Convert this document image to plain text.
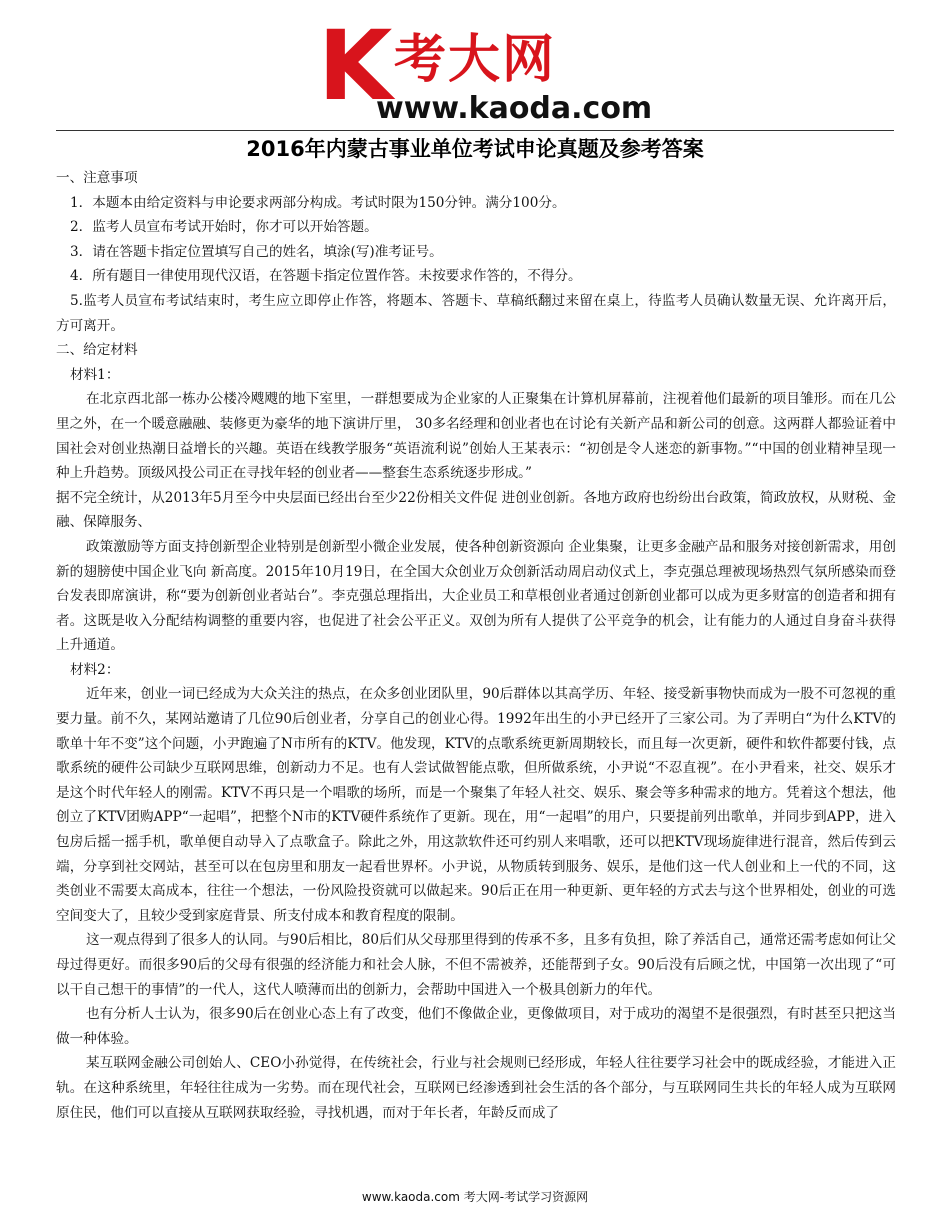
K 考大网
www.kaoda.com
2016年内蒙古事业单位考试申论真题及参考答案

一、注意事项

1．本题本由给定资料与申论要求两部分构成。考试时限为150分钟。满分100分。

2．监考人员宣布考试开始时，你才可以开始答题。

3．请在答题卡指定位置填写自己的姓名，填涂(写)准考证号。

4．所有题目一律使用现代汉语，在答题卡指定位置作答。未按要求作答的，不得分。

5.监考人员宣布考试结束时，考生应立即停止作答，将题本、答题卡、草稿纸翻过来留在桌上，待监考人员确认数量无误、允许离开后，方可离开。

二、给定材料

材料1：

在北京西北部一栋办公楼冷飕飕的地下室里，一群想要成为企业家的人正聚集在计算机屏幕前，注视着他们最新的项目雏形。而在几公里之外，在一个暖意融融、装修更为豪华的地下演讲厅里， 30多名经理和创业者也在讨论有关新产品和新公司的创意。这两群人都验证着中国社会对创业热潮日益增长的兴趣。英语在线教学服务“英语流利说”创始人王某表示：“初创是令人迷恋的新事物。”“中国的创业精神呈现一种上升趋势。顶级风投公司正在寻找年轻的创业者——整套生态系统逐步形成。”

据不完全统计，从2013年5月至今中央层面已经出台至少22份相关文件促 进创业创新。各地方政府也纷纷出台政策，简政放权，从财税、金融、保障服务、

政策激励等方面支持创新型企业特别是创新型小微企业发展，使各种创新资源向 企业集聚，让更多金融产品和服务对接创新需求，用创新的翅膀使中国企业飞向 新高度。2015年10月19日，在全国大众创业万众创新活动周启动仪式上，李克强总理被现场热烈气氛所感染而登台发表即席演讲，称“要为创新创业者站台”。李克强总理指出，大企业员工和草根创业者通过创新创业都可以成为更多财富的创造者和拥有者。这既是收入分配结构调整的重要内容，也促进了社会公平正义。双创为所有人提供了公平竞争的机会，让有能力的人通过自身奋斗获得上升通道。

材料2：

近年来，创业一词已经成为大众关注的热点，在众多创业团队里，90后群体以其高学历、年轻、接受新事物快而成为一股不可忽视的重要力量。前不久，某网站邀请了几位90后创业者，分享自己的创业心得。1992年出生的小尹已经开了三家公司。为了弄明白“为什么KTV的歌单十年不变”这个问题，小尹跑遍了N市所有的KTV。他发现，KTV的点歌系统更新周期较长，而且每一次更新，硬件和软件都要付钱，点歌系统的硬件公司缺少互联网思维，创新动力不足。也有人尝试做智能点歌，但所做系统，小尹说“不忍直视”。在小尹看来，社交、娱乐才是这个时代年轻人的刚需。KTV不再只是一个唱歌的场所，而是一个聚集了年轻人社交、娱乐、聚会等多种需求的地方。凭着这个想法，他创立了KTV团购APP“一起唱”，把整个N市的KTV硬件系统作了更新。现在，用“一起唱”的用户，只要提前列出歌单，并同步到APP，进入包房后摇一摇手机，歌单便自动导入了点歌盒子。除此之外，用这款软件还可约别人来唱歌，还可以把KTV现场旋律进行混音，然后传到云端，分享到社交网站，甚至可以在包房里和朋友一起看世界杯。小尹说，从物质转到服务、娱乐，是他们这一代人创业和上一代的不同，这类创业不需要太高成本，往往一个想法，一份风险投资就可以做起来。90后正在用一种更新、更年轻的方式去与这个世界相处，创业的可选空间变大了，且较少受到家庭背景、所支付成本和教育程度的限制。

这一观点得到了很多人的认同。与90后相比，80后们从父母那里得到的传承不多，且多有负担，除了养活自己，通常还需考虑如何让父母过得更好。而很多90后的父母有很强的经济能力和社会人脉，不但不需被养，还能帮到子女。90后没有后顾之忧，中国第一次出现了“可以干自己想干的事情”的一代人，这代人喷薄而出的创新力，会帮助中国进入一个极具创新力的年代。

也有分析人士认为，很多90后在创业心态上有了改变，他们不像做企业，更像做项目，对于成功的渴望不是很强烈，有时甚至只把这当做一种体验。

某互联网金融公司创始人、CEO小孙觉得，在传统社会，行业与社会规则已经形成，年轻人往往要学习社会中的既成经验，才能进入正轨。在这种系统里，年轻往往成为一劣势。而在现代社会，互联网已经渗透到社会生活的各个部分，与互联网同生共长的年轻人成为互联网原住民，他们可以直接从互联网获取经验，寻找机遇，而对于年长者，年龄反而成了

www.kaoda.com 考大网-考试学习资源网
